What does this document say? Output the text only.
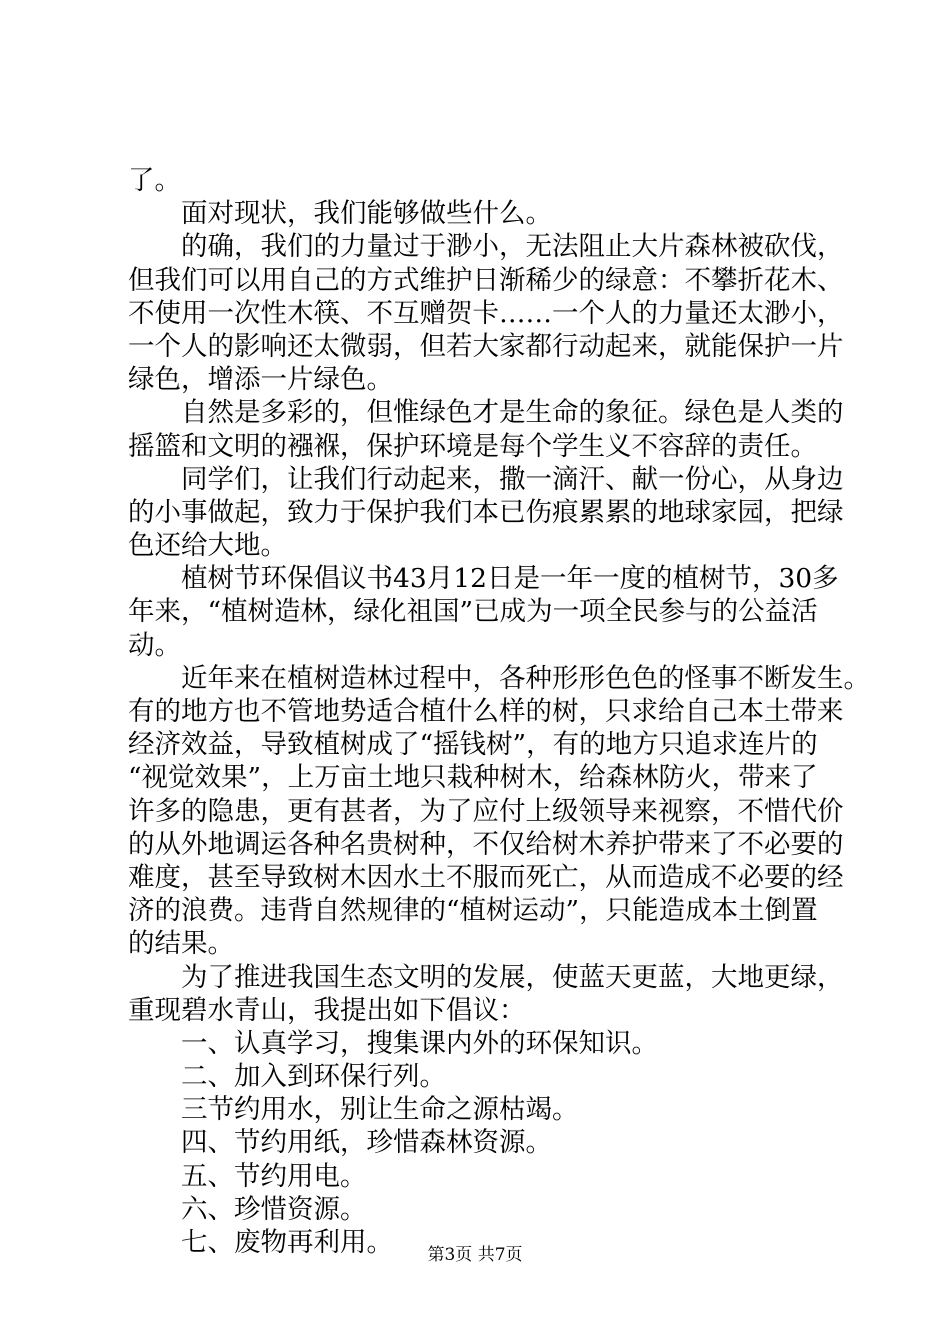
了。
面对现状，我们能够做些什么。
的确，我们的力量过于渺小，无法阻止大片森林被砍伐，
但我们可以用自己的方式维护日渐稀少的绿意：不攀折花木、
不使用一次性木筷、不互赠贺卡……一个人的力量还太渺小，
一个人的影响还太微弱，但若大家都行动起来，就能保护一片
绿色，增添一片绿色。
自然是多彩的，但惟绿色才是生命的象征。绿色是人类的
摇篮和文明的襁褓，保护环境是每个学生义不容辞的责任。
同学们，让我们行动起来，撒一滴汗、献一份心，从身边
的小事做起，致力于保护我们本已伤痕累累的地球家园，把绿
色还给大地。
植树节环保倡议书43月12日是一年一度的植树节，30多
年来，“植树造林，绿化祖国”已成为一项全民参与的公益活
动。
近年来在植树造林过程中，各种形形色色的怪事不断发生。
有的地方也不管地势适合植什么样的树，只求给自己本土带来
经济效益，导致植树成了“摇钱树”，有的地方只追求连片的
“视觉效果”，上万亩土地只栽种树木，给森林防火，带来了
许多的隐患，更有甚者，为了应付上级领导来视察，不惜代价
的从外地调运各种名贵树种，不仅给树木养护带来了不必要的
难度，甚至导致树木因水土不服而死亡，从而造成不必要的经
济的浪费。违背自然规律的“植树运动”，只能造成本土倒置
的结果。
为了推进我国生态文明的发展，使蓝天更蓝，大地更绿，
重现碧水青山，我提出如下倡议：
一、认真学习，搜集课内外的环保知识。
二、加入到环保行列。
三节约用水，别让生命之源枯竭。
四、节约用纸，珍惜森林资源。
五、节约用电。
六、珍惜资源。
七、废物再利用。	第3页 共7页
